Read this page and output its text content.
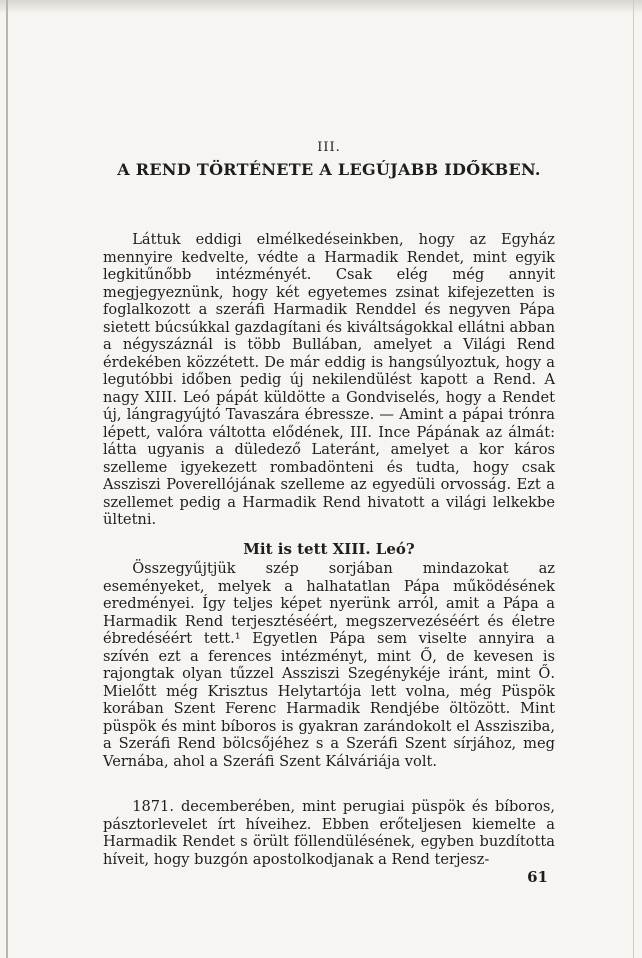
III.
A REND TÖRTÉNETE A LEGÚJABB IDŐKBEN.

Láttuk eddigi elmélkedéseinkben, hogy az Egyház mennyire kedvelte, védte a Harmadik Rendet, mint egyik legkitűnőbb intézményét. Csak elég még annyit megjegyeznünk, hogy két egyetemes zsinat kifejezetten is foglalkozott a szeráfi Harmadik Renddel és negyven Pápa sietett búcsúkkal gazdagítani és kiváltságokkal ellátni abban a négyszáznál is több Bullában, amelyet a Világi Rend érdekében közzétett. De már eddig is hangsúlyoztuk, hogy a legutóbbi időben pedig új nekilendülést kapott a Rend. A nagy XIII. Leó pápát küldötte a Gondviselés, hogy a Rendet új, lángragyújtó Tavaszára ébressze. — Amint a pápai trónra lépett, valóra váltotta elődének, III. Ince Pápának az álmát: látta ugyanis a düledező Lateránt, amelyet a kor káros szelleme igyekezett rombadönteni és tudta, hogy csak Assziszi Poverellójának szelleme az egyedüli orvosság. Ezt a szellemet pedig a Harmadik Rend hivatott a világi lelkekbe ültetni.

Mit is tett XIII. Leó?

Összegyűjtjük szép sorjában mindazokat az eseményeket, melyek a halhatatlan Pápa működésének eredményei. Így teljes képet nyerünk arról, amit a Pápa a Harmadik Rend terjesztéséért, megszervezéséért és életre ébredéséért tett.¹ Egyetlen Pápa sem viselte annyira a szívén ezt a ferences intézményt, mint Ő, de kevesen is rajongtak olyan tűzzel Assziszi Szegénykéje iránt, mint Ő. Mielőtt még Krisztus Helytartója lett volna, még Püspök korában Szent Ferenc Harmadik Rendjébe öltözött. Mint püspök és mint bíboros is gyakran zarándokolt el Asszisziba, a Szeráfi Rend bölcsőjéhez s a Szeráfi Szent sírjához, meg Vernába, ahol a Szeráfi Szent Kálváriája volt.

1871. decemberében, mint perugiai püspök és bíboros, pásztorlevelet írt híveihez. Ebben erőteljesen kiemelte a Harmadik Rendet s örült föllendülésének, egyben buzdította híveit, hogy buzgón apostolkodjanak a Rend terjesz-

61
